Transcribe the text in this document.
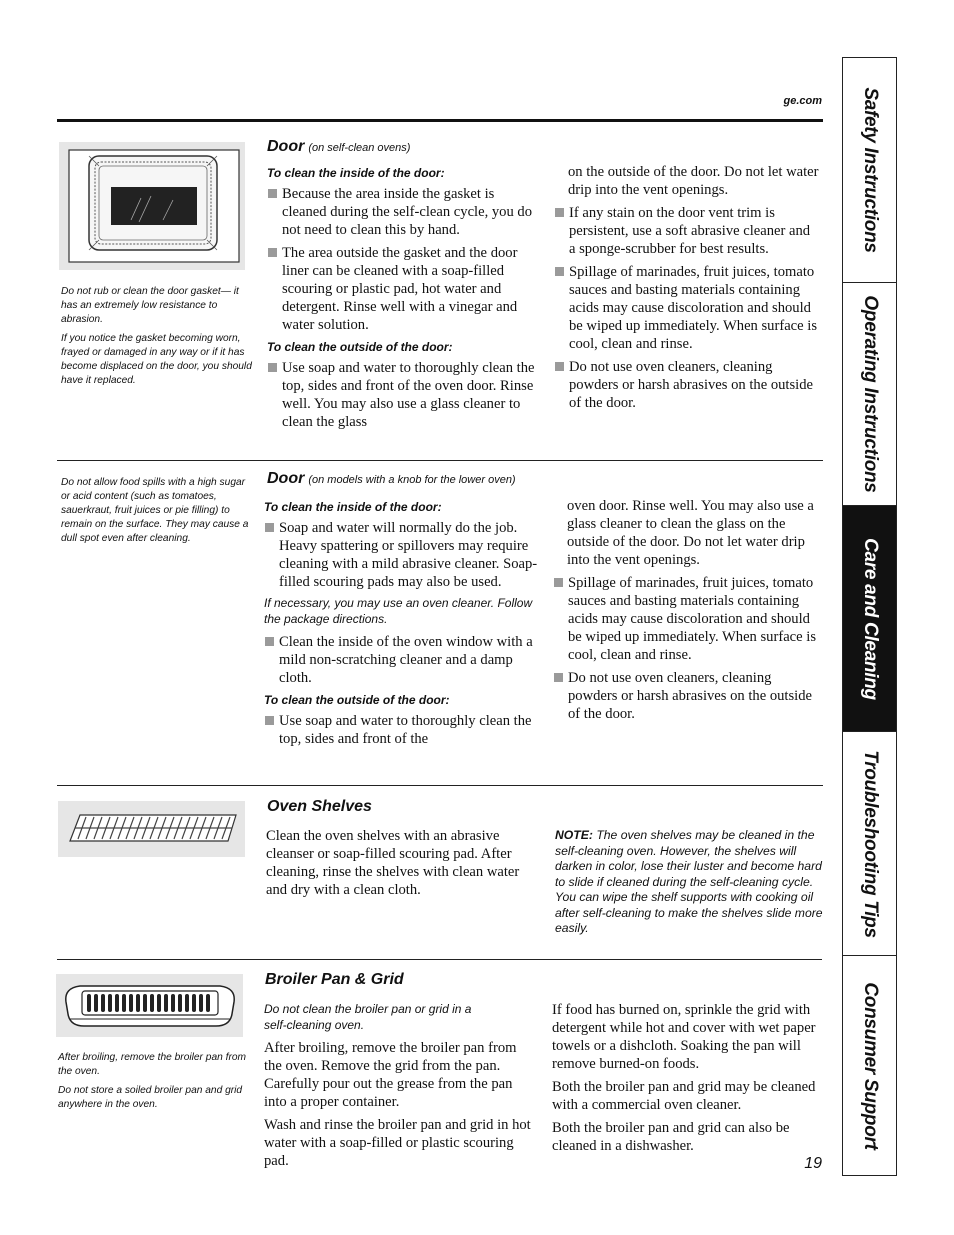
ge.com

Do not rub or clean the door gasket— it has an extremely low resistance to abrasion.

If you notice the gasket becoming worn, frayed or damaged in any way or if it has become displaced on the door, you should have it replaced.

Door (on self-clean ovens)
To clean the inside of the door:
Because the area inside the gasket is cleaned during the self-clean cycle, you do not need to clean this by hand.
The area outside the gasket and the door liner can be cleaned with a soap-filled scouring or plastic pad, hot water and detergent. Rinse well with a vinegar and water solution.
To clean the outside of the door:
Use soap and water to thoroughly clean the top, sides and front of the oven door. Rinse well. You may also use a glass cleaner to clean the glass

on the outside of the door. Do not let water drip into the vent openings.

If any stain on the door vent trim is persistent, use a soft abrasive cleaner and a sponge-scrubber for best results.
Spillage of marinades, fruit juices, tomato sauces and basting materials containing acids may cause discoloration and should be wiped up immediately. When surface is cool, clean and rinse.
Do not use oven cleaners, cleaning powders or harsh abrasives on the outside of the door.

Do not allow food spills with a high sugar or acid content (such as tomatoes, sauerkraut, fruit juices or pie filling) to remain on the surface. They may cause a dull spot even after cleaning.

Door (on models with a knob for the lower oven)
To clean the inside of the door:
Soap and water will normally do the job. Heavy spattering or spillovers may require cleaning with a mild abrasive cleaner. Soap-filled scouring pads may also be used.

If necessary, you may use an oven cleaner. Follow the package directions.

Clean the inside of the oven window with a mild non-scratching cleaner and a damp cloth.
To clean the outside of the door:
Use soap and water to thoroughly clean the top, sides and front of the

oven door. Rinse well. You may also use a glass cleaner to clean the glass on the outside of the door. Do not let water drip into the vent openings.

Spillage of marinades, fruit juices, tomato sauces and basting materials containing acids may cause discoloration and should be wiped up immediately. When surface is cool, clean and rinse.
Do not use oven cleaners, cleaning powders or harsh abrasives on the outside of the door.
Oven Shelves

Clean the oven shelves with an abrasive cleanser or soap-filled scouring pad. After cleaning, rinse the shelves with clean water and dry with a clean cloth.

NOTE: The oven shelves may be cleaned in the self-cleaning oven. However, the shelves will darken in color, lose their luster and become hard to slide if cleaned during the self-cleaning cycle. You can wipe the shelf supports with cooking oil after self-cleaning to make the shelves slide more easily.

After broiling, remove the broiler pan from the oven.

Do not store a soiled broiler pan and grid anywhere in the oven.

Broiler Pan & Grid

Do not clean the broiler pan or grid in a self-cleaning oven.

After broiling, remove the broiler pan from the oven. Remove the grid from the pan. Carefully pour out the grease from the pan into a proper container.

Wash and rinse the broiler pan and grid in hot water with a soap-filled or plastic scouring pad.

If food has burned on, sprinkle the grid with detergent while hot and cover with wet paper towels or a dishcloth. Soaking the pan will remove burned-on foods.

Both the broiler pan and grid may be cleaned with a commercial oven cleaner.

Both the broiler pan and grid can also be cleaned in a dishwasher.

19
Safety Instructions
Operating Instructions
Care and Cleaning
Troubleshooting Tips
Consumer Support
